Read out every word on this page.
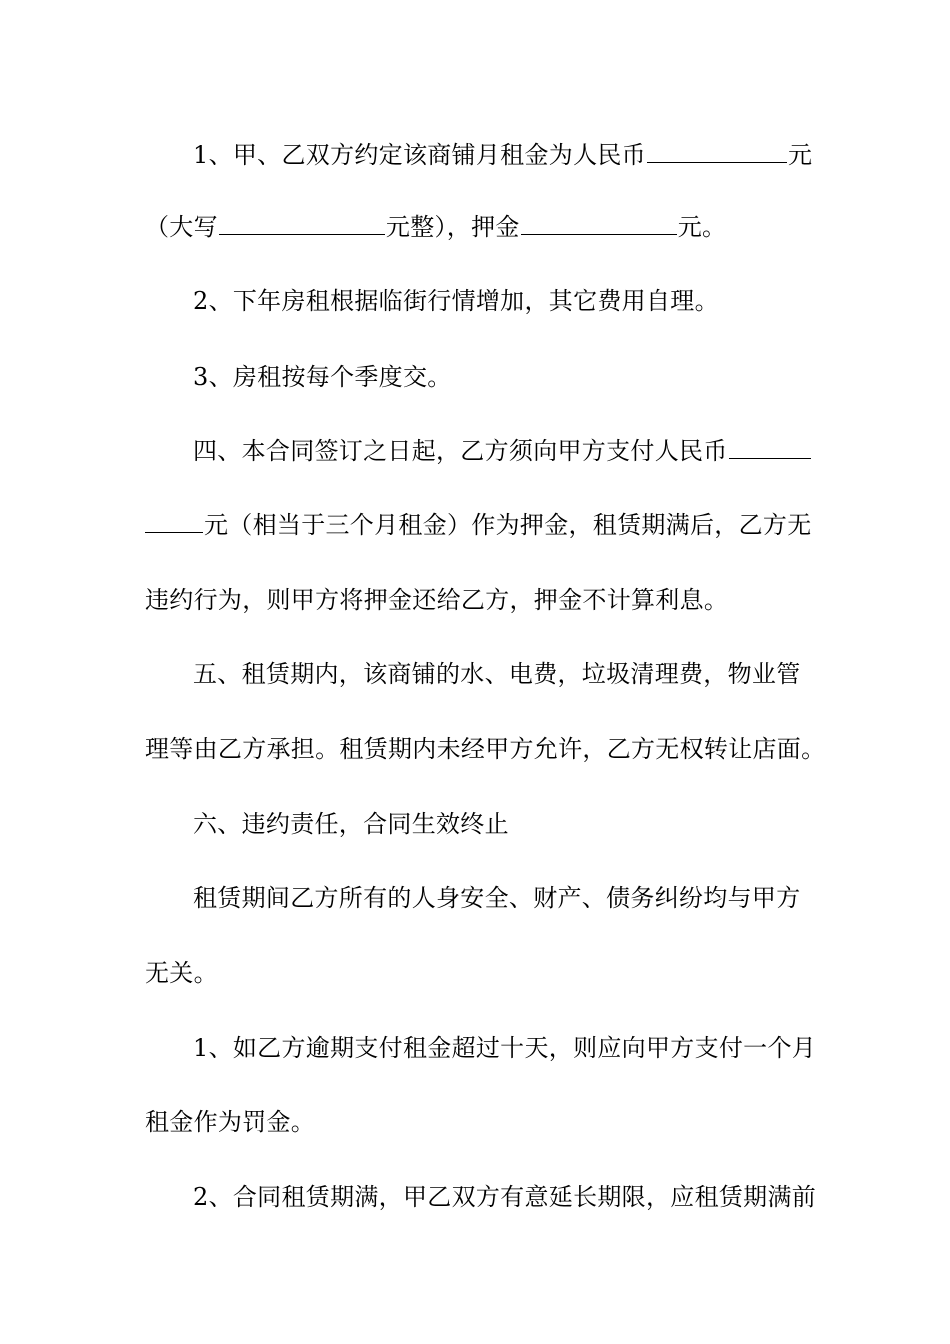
1、甲、乙双方约定该商铺月租金为人民币	元
（大写	元整），押金	元。
2、下年房租根据临街行情增加，其它费用自理。
3、房租按每个季度交。
四、本合同签订之日起，乙方须向甲方支付人民币
元（相当于三个月租金）作为押金，租赁期满后，乙方无
违约行为，则甲方将押金还给乙方，押金不计算利息。
五、租赁期内，该商铺的水、电费，垃圾清理费，物业管
理等由乙方承担。租赁期内未经甲方允许，乙方无权转让店面。
六、违约责任，合同生效终止
租赁期间乙方所有的人身安全、财产、债务纠纷均与甲方
无关。
1、如乙方逾期支付租金超过十天，则应向甲方支付一个月
租金作为罚金。
2、合同租赁期满，甲乙双方有意延长期限，应租赁期满前
